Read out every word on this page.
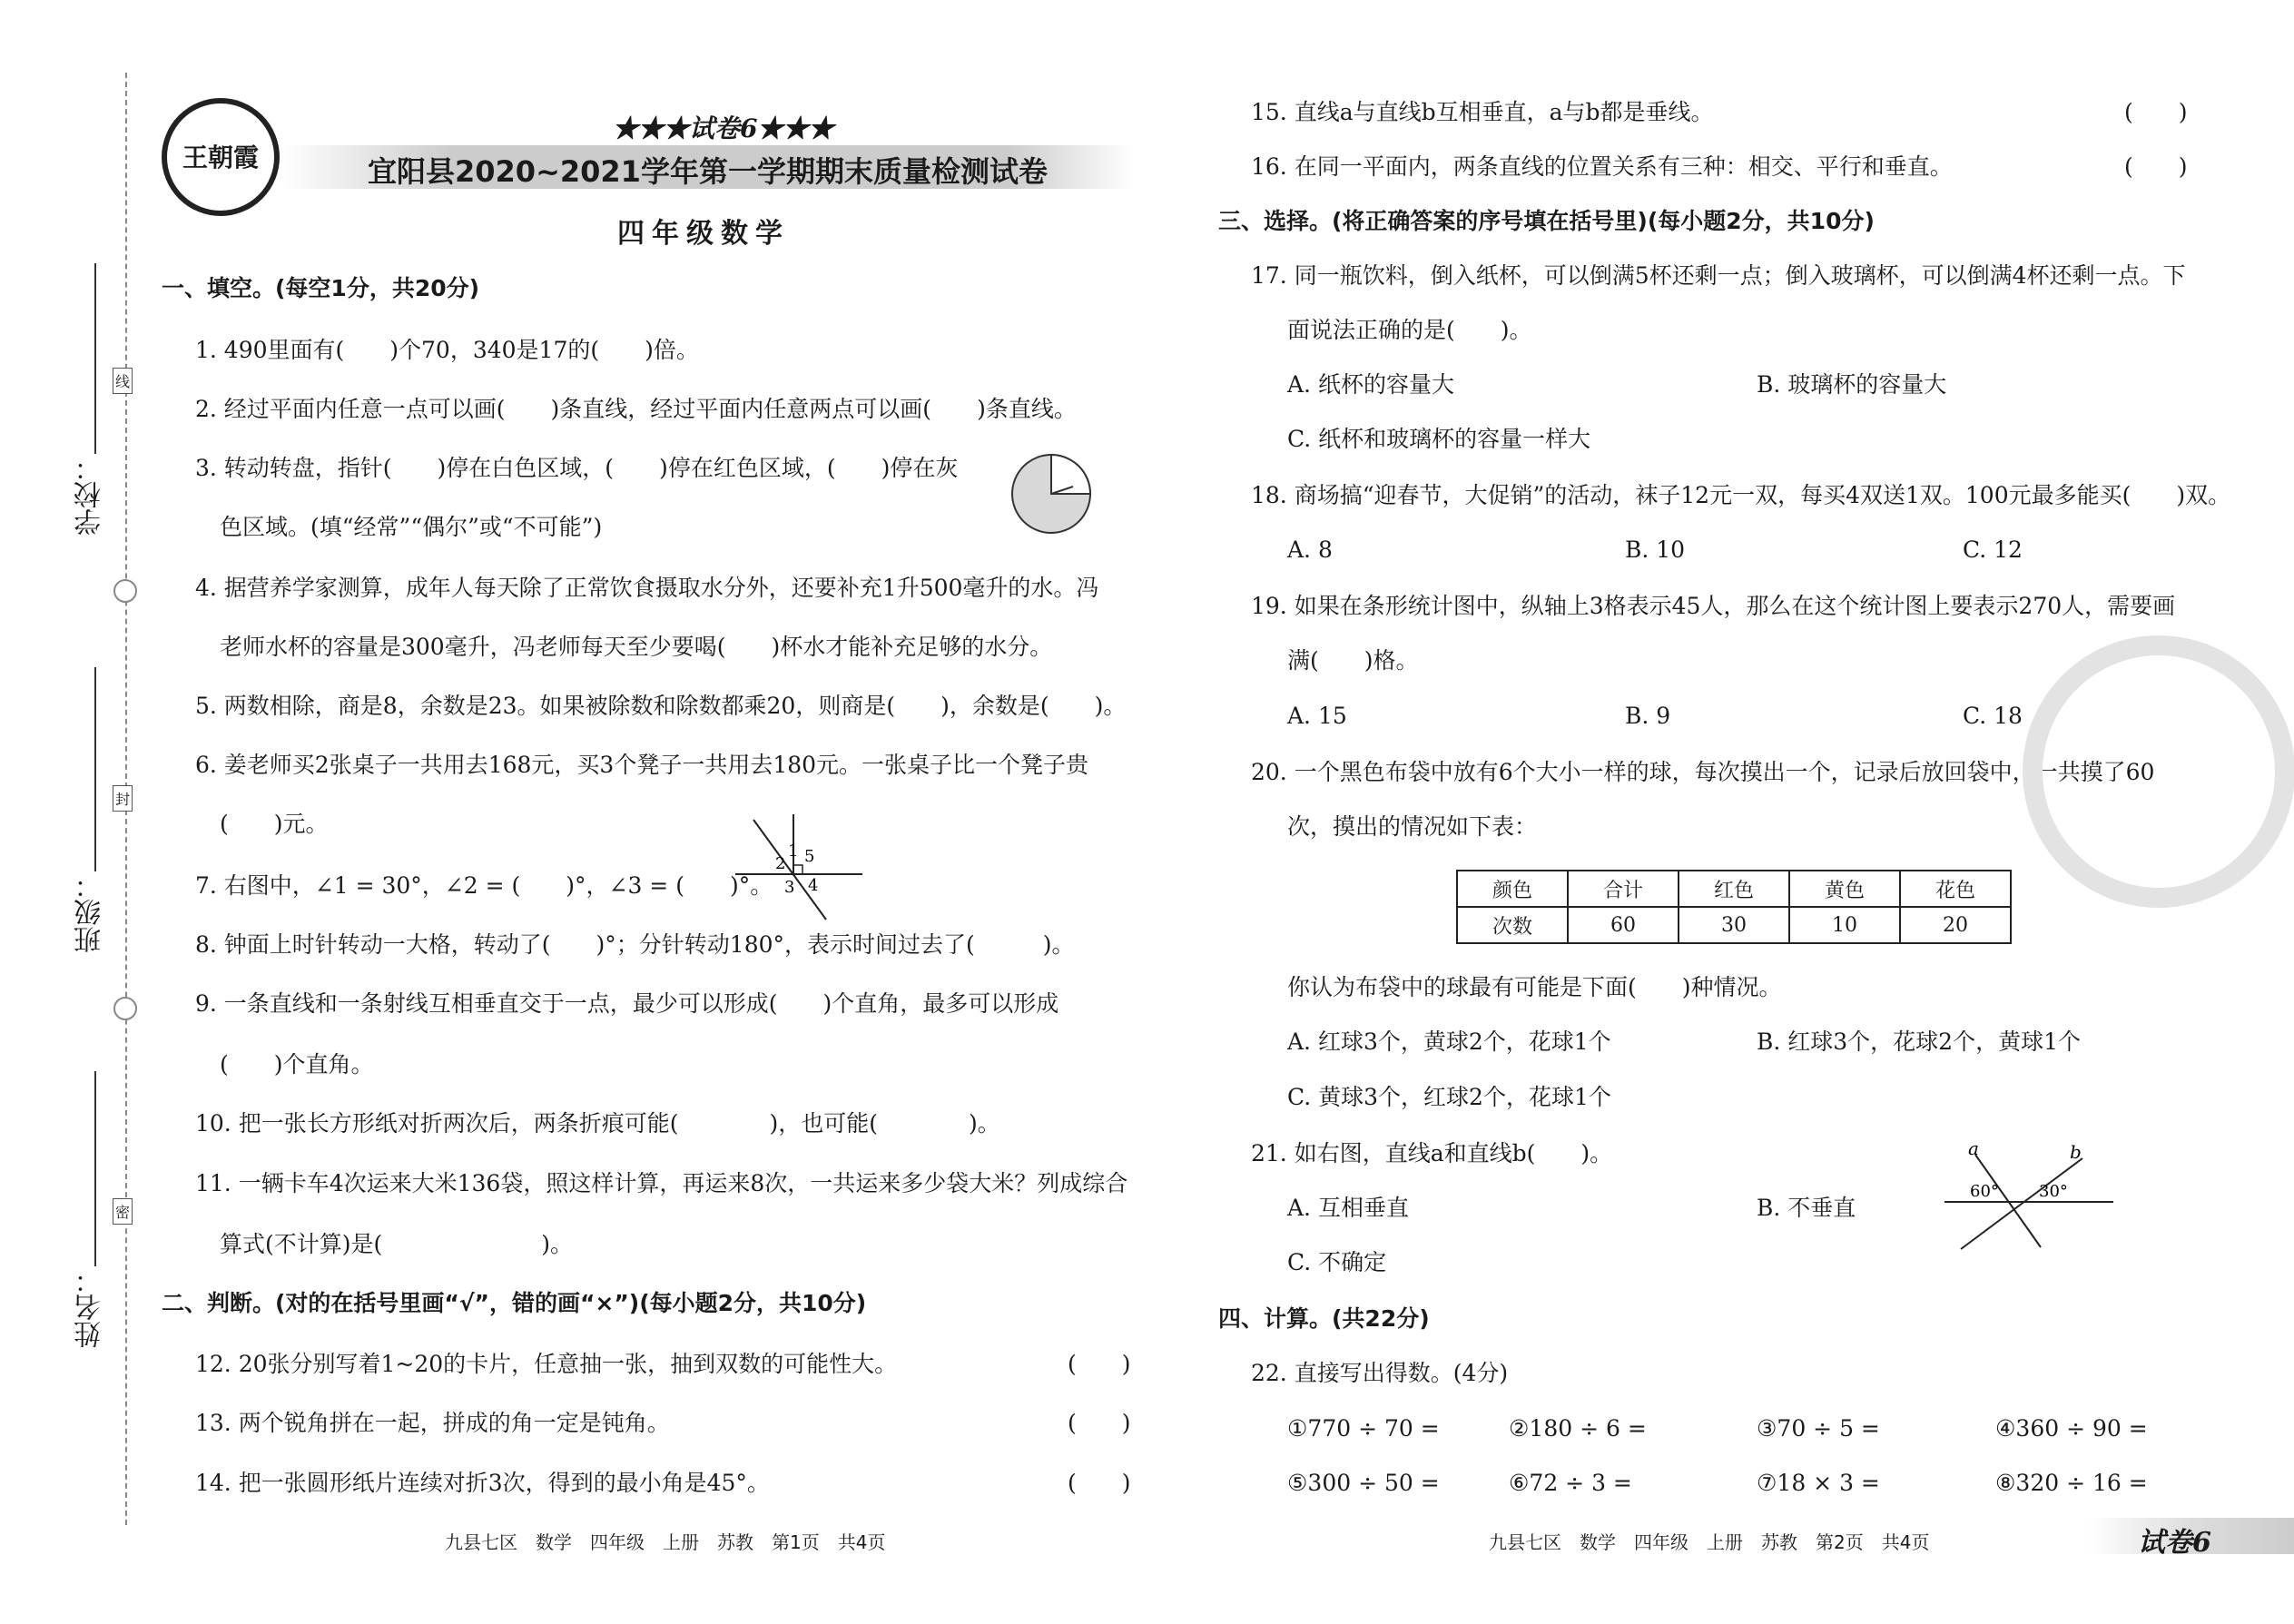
学校：
班级：
姓名：
线
封
密
王朝霞
★★★试卷6★★★
宜阳县2020~2021学年第一学期期末质量检测试卷
四年级数学
一、填空。(每空1分，共20分)
1. 490里面有(　　)个70，340是17的(　　)倍。
2. 经过平面内任意一点可以画(　　)条直线，经过平面内任意两点可以画(　　)条直线。
3. 转动转盘，指针(　　)停在白色区域，(　　)停在红色区域，(　　)停在灰
色区域。(填“经常”“偶尔”或“不可能”)
4. 据营养学家测算，成年人每天除了正常饮食摄取水分外，还要补充1升500毫升的水。冯
老师水杯的容量是300毫升，冯老师每天至少要喝(　　)杯水才能补充足够的水分。
5. 两数相除，商是8，余数是23。如果被除数和除数都乘20，则商是(　　)，余数是(　　)。
6. 姜老师买2张桌子一共用去168元，买3个凳子一共用去180元。一张桌子比一个凳子贵
(　　)元。
7. 右图中，∠1 = 30°，∠2 = (　　)°，∠3 = (　　)°。
1 5
2
3 4
8. 钟面上时针转动一大格，转动了(　　)°；分针转动180°，表示时间过去了(　　　)。
9. 一条直线和一条射线互相垂直交于一点，最少可以形成(　　)个直角，最多可以形成
(　　)个直角。
10. 把一张长方形纸对折两次后，两条折痕可能(　　　　)，也可能(　　　　)。
11. 一辆卡车4次运来大米136袋，照这样计算，再运来8次，一共运来多少袋大米？列成综合
算式(不计算)是(　　　　　　　)。
二、判断。(对的在括号里画“√”，错的画“×”)(每小题2分，共10分)
12. 20张分别写着1~20的卡片，任意抽一张，抽到双数的可能性大。	(　　)
13. 两个锐角拼在一起，拼成的角一定是钝角。	(　　)
14. 把一张圆形纸片连续对折3次，得到的最小角是45°。	(　　)
九县七区　数学　四年级　上册　苏教　第1页　共4页
15. 直线a与直线b互相垂直，a与b都是垂线。	(　　)
16. 在同一平面内，两条直线的位置关系有三种：相交、平行和垂直。	(　　)
三、选择。(将正确答案的序号填在括号里)(每小题2分，共10分)
17. 同一瓶饮料，倒入纸杯，可以倒满5杯还剩一点；倒入玻璃杯，可以倒满4杯还剩一点。下
面说法正确的是(　　)。
A. 纸杯的容量大	B. 玻璃杯的容量大
C. 纸杯和玻璃杯的容量一样大
18. 商场搞“迎春节，大促销”的活动，袜子12元一双，每买4双送1双。100元最多能买(　　)双。
A. 8	B. 10	C. 12
19. 如果在条形统计图中，纵轴上3格表示45人，那么在这个统计图上要表示270人，需要画
满(　　)格。
A. 15	B. 9	C. 18
20. 一个黑色布袋中放有6个大小一样的球，每次摸出一个，记录后放回袋中，一共摸了60
次，摸出的情况如下表：
颜色	合计	红色	黄色	花色
次数	60	30	10	20
你认为布袋中的球最有可能是下面(　　)种情况。
A. 红球3个，黄球2个，花球1个	B. 红球3个，花球2个，黄球1个
C. 黄球3个，红球2个，花球1个
21. 如右图，直线a和直线b(　　)。
A. 互相垂直	B. 不垂直
C. 不确定
a	b
60° 30°
四、计算。(共22分)
22. 直接写出得数。(4分)
①770 ÷ 70 =	②180 ÷ 6 =	③70 ÷ 5 =	④360 ÷ 90 =
⑤300 ÷ 50 =	⑥72 ÷ 3 =	⑦18 × 3 =	⑧320 ÷ 16 =
九县七区　数学　四年级　上册　苏教　第2页　共4页	试卷6
